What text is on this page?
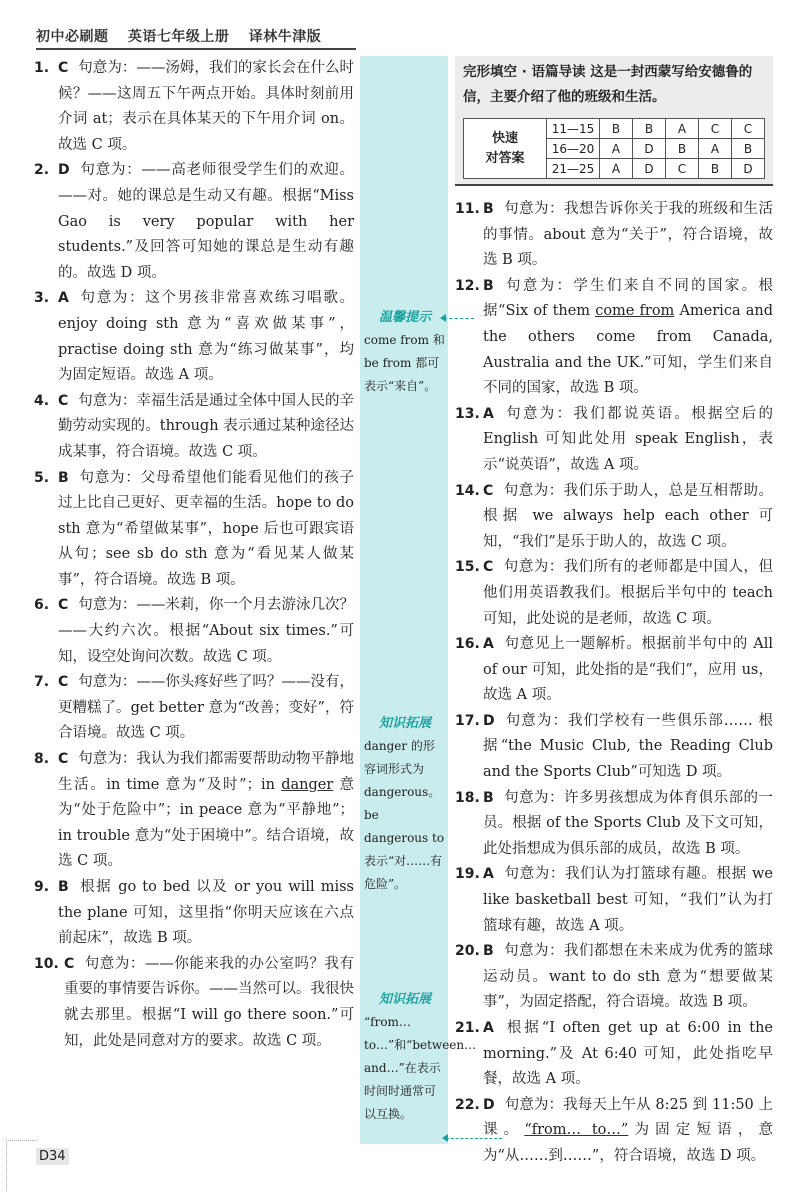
初中必刷题 英语七年级上册 译林牛津版
1. C 句意为：——汤姆，我们的家长会在什么时候？——这周五下午两点开始。具体时刻前用介词 at；表示在具体某天的下午用介词 on。故选 C 项。
2. D 句意为：——高老师很受学生们的欢迎。——对。她的课总是生动又有趣。根据“Miss Gao is very popular with her students.”及回答可知她的课总是生动有趣的。故选 D 项。
3. A 句意为：这个男孩非常喜欢练习唱歌。enjoy doing sth 意为“喜欢做某事”，practise doing sth 意为“练习做某事”，均为固定短语。故选 A 项。
4. C 句意为：幸福生活是通过全体中国人民的辛勤劳动实现的。through 表示通过某种途径达成某事，符合语境。故选 C 项。
5. B 句意为：父母希望他们能看见他们的孩子过上比自己更好、更幸福的生活。hope to do sth 意为“希望做某事”，hope 后也可跟宾语从句；see sb do sth 意为“看见某人做某事”，符合语境。故选 B 项。
6. C 句意为：——米莉，你一个月去游泳几次？——大约六次。根据“About six times.”可知，设空处询问次数。故选 C 项。
7. C 句意为：——你头疼好些了吗？——没有，更糟糕了。get better 意为“改善；变好”，符合语境。故选 C 项。
8. C 句意为：我认为我们都需要帮助动物平静地生活。in time 意为“及时”；in danger 意为“处于危险中”；in peace 意为“平静地”；in trouble 意为“处于困境中”。结合语境，故选 C 项。
9. B 根据 go to bed 以及 or you will miss the plane 可知，这里指“你明天应该在六点前起床”，故选 B 项。
10. C 句意为：——你能来我的办公室吗？我有重要的事情要告诉你。——当然可以。我很快就去那里。根据“I will go there soon.”可知，此处是同意对方的要求。故选 C 项。
温馨提示
come from 和 be from 都可表示“来自”。
知识拓展
danger 的形容词形式为 dangerous。be dangerous to 表示“对……有危险”。
知识拓展
“from… to…”和“between… and…”在表示时间时通常可以互换。
完形填空 · 语篇导读 这是一封西蒙写给安德鲁的信，主要介绍了他的班级和生活。
快速
对答案	11—15	B	B	A	C	C
	16—20	A	D	B	A	B
	21—25	A	D	C	B	D
11. B 句意为：我想告诉你关于我的班级和生活的事情。about 意为“关于”，符合语境，故选 B 项。
12. B 句意为：学生们来自不同的国家。根据“Six of them come from America and the others come from Canada, Australia and the UK.”可知，学生们来自不同的国家，故选 B 项。
13. A 句意为：我们都说英语。根据空后的 English 可知此处用 speak English，表示“说英语”，故选 A 项。
14. C 句意为：我们乐于助人，总是互相帮助。根据 we always help each other 可知，“我们”是乐于助人的，故选 C 项。
15. C 句意为：我们所有的老师都是中国人，但他们用英语教我们。根据后半句中的 teach 可知，此处说的是老师，故选 C 项。
16. A 句意见上一题解析。根据前半句中的 All of our 可知，此处指的是“我们”，应用 us，故选 A 项。
17. D 句意为：我们学校有一些俱乐部…… 根据“the Music Club, the Reading Club and the Sports Club”可知选 D 项。
18. B 句意为：许多男孩想成为体育俱乐部的一员。根据 of the Sports Club 及下文可知，此处指想成为俱乐部的成员，故选 B 项。
19. A 句意为：我们认为打篮球有趣。根据 we like basketball best 可知，“我们”认为打篮球有趣，故选 A 项。
20. B 句意为：我们都想在未来成为优秀的篮球运动员。want to do sth 意为“想要做某事”，为固定搭配，符合语境。故选 B 项。
21. A 根据“I often get up at 6:00 in the morning.”及 At 6:40 可知，此处指吃早餐，故选 A 项。
22. D 句意为：我每天上午从 8:25 到 11:50 上课。“from… to…”为固定短语，意为“从……到……”，符合语境，故选 D 项。
D34
